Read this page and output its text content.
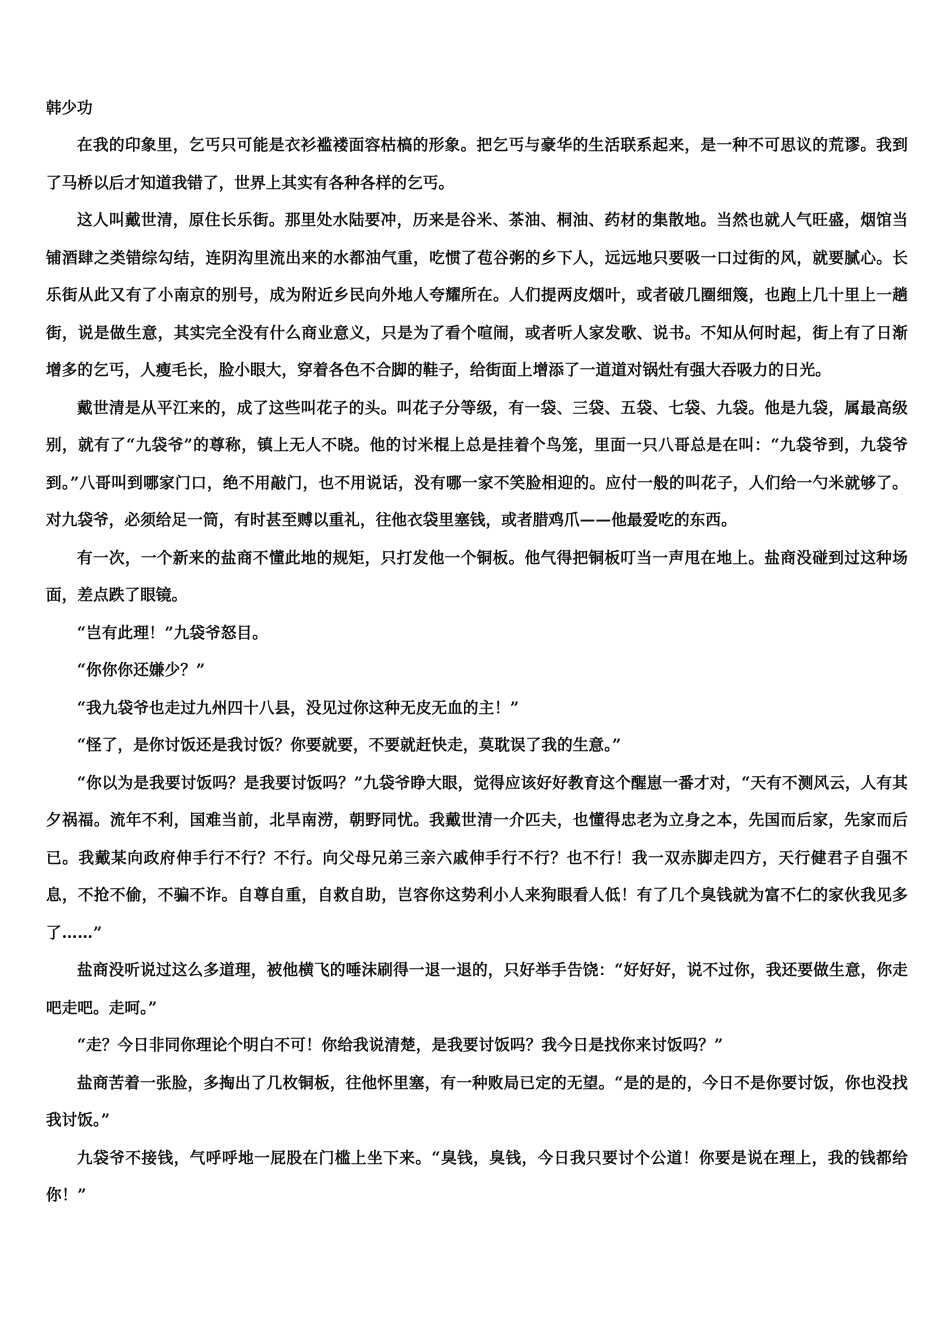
韩少功

在我的印象里，乞丐只可能是衣衫褴褛面容枯槁的形象。把乞丐与豪华的生活联系起来，是一种不可思议的荒谬。我到了马桥以后才知道我错了，世界上其实有各种各样的乞丐。

这人叫戴世清，原住长乐街。那里处水陆要冲，历来是谷米、茶油、桐油、药材的集散地。当然也就人气旺盛，烟馆当铺酒肆之类错综勾结，连阴沟里流出来的水都油气重，吃惯了苞谷粥的乡下人，远远地只要吸一口过街的风，就要腻心。长乐街从此又有了小南京的别号，成为附近乡民向外地人夸耀所在。人们提两皮烟叶，或者破几圈细篾，也跑上几十里上一趟街，说是做生意，其实完全没有什么商业意义，只是为了看个喧闹，或者听人家发歌、说书。不知从何时起，街上有了日渐增多的乞丐，人瘦毛长，脸小眼大，穿着各色不合脚的鞋子，给街面上增添了一道道对锅灶有强大吞吸力的日光。

戴世清是从平江来的，成了这些叫花子的头。叫花子分等级，有一袋、三袋、五袋、七袋、九袋。他是九袋，属最高级别，就有了“九袋爷”的尊称，镇上无人不晓。他的讨米棍上总是挂着个鸟笼，里面一只八哥总是在叫：“九袋爷到，九袋爷到。”八哥叫到哪家门口，绝不用敲门，也不用说话，没有哪一家不笑脸相迎的。应付一般的叫花子，人们给一勺米就够了。对九袋爷，必须给足一筒，有时甚至赙以重礼，往他衣袋里塞钱，或者腊鸡爪——他最爱吃的东西。

有一次，一个新来的盐商不懂此地的规矩，只打发他一个铜板。他气得把铜板叮当一声甩在地上。盐商没碰到过这种场面，差点跌了眼镜。

“岂有此理！”九袋爷怒目。

“你你你还嫌少？”

“我九袋爷也走过九州四十八县，没见过你这种无皮无血的主！”

“怪了，是你讨饭还是我讨饭？你要就要，不要就赶快走，莫耽误了我的生意。”

“你以为是我要讨饭吗？是我要讨饭吗？”九袋爷睁大眼，觉得应该好好教育这个醒崽一番才对，“天有不测风云，人有其夕祸福。流年不利，国难当前，北旱南涝，朝野同忧。我戴世清一介匹夫，也懂得忠老为立身之本，先国而后家，先家而后已。我戴某向政府伸手行不行？不行。向父母兄弟三亲六戚伸手行不行？也不行！我一双赤脚走四方，天行健君子自强不息，不抢不偷，不骗不诈。自尊自重，自救自助，岂容你这势利小人来狗眼看人低！有了几个臭钱就为富不仁的家伙我见多了……”

盐商没听说过这么多道理，被他横飞的唾沫刷得一退一退的，只好举手告饶：“好好好，说不过你，我还要做生意，你走吧走吧。走呵。”

“走？今日非同你理论个明白不可！你给我说清楚，是我要讨饭吗？我今日是找你来讨饭吗？”

盐商苦着一张脸，多掏出了几枚铜板，往他怀里塞，有一种败局已定的无望。“是的是的，今日不是你要讨饭，你也没找我讨饭。”

九袋爷不接钱，气呼呼地一屁股在门槛上坐下来。“臭钱，臭钱，今日我只要讨个公道！你要是说在理上，我的钱都给你！”
